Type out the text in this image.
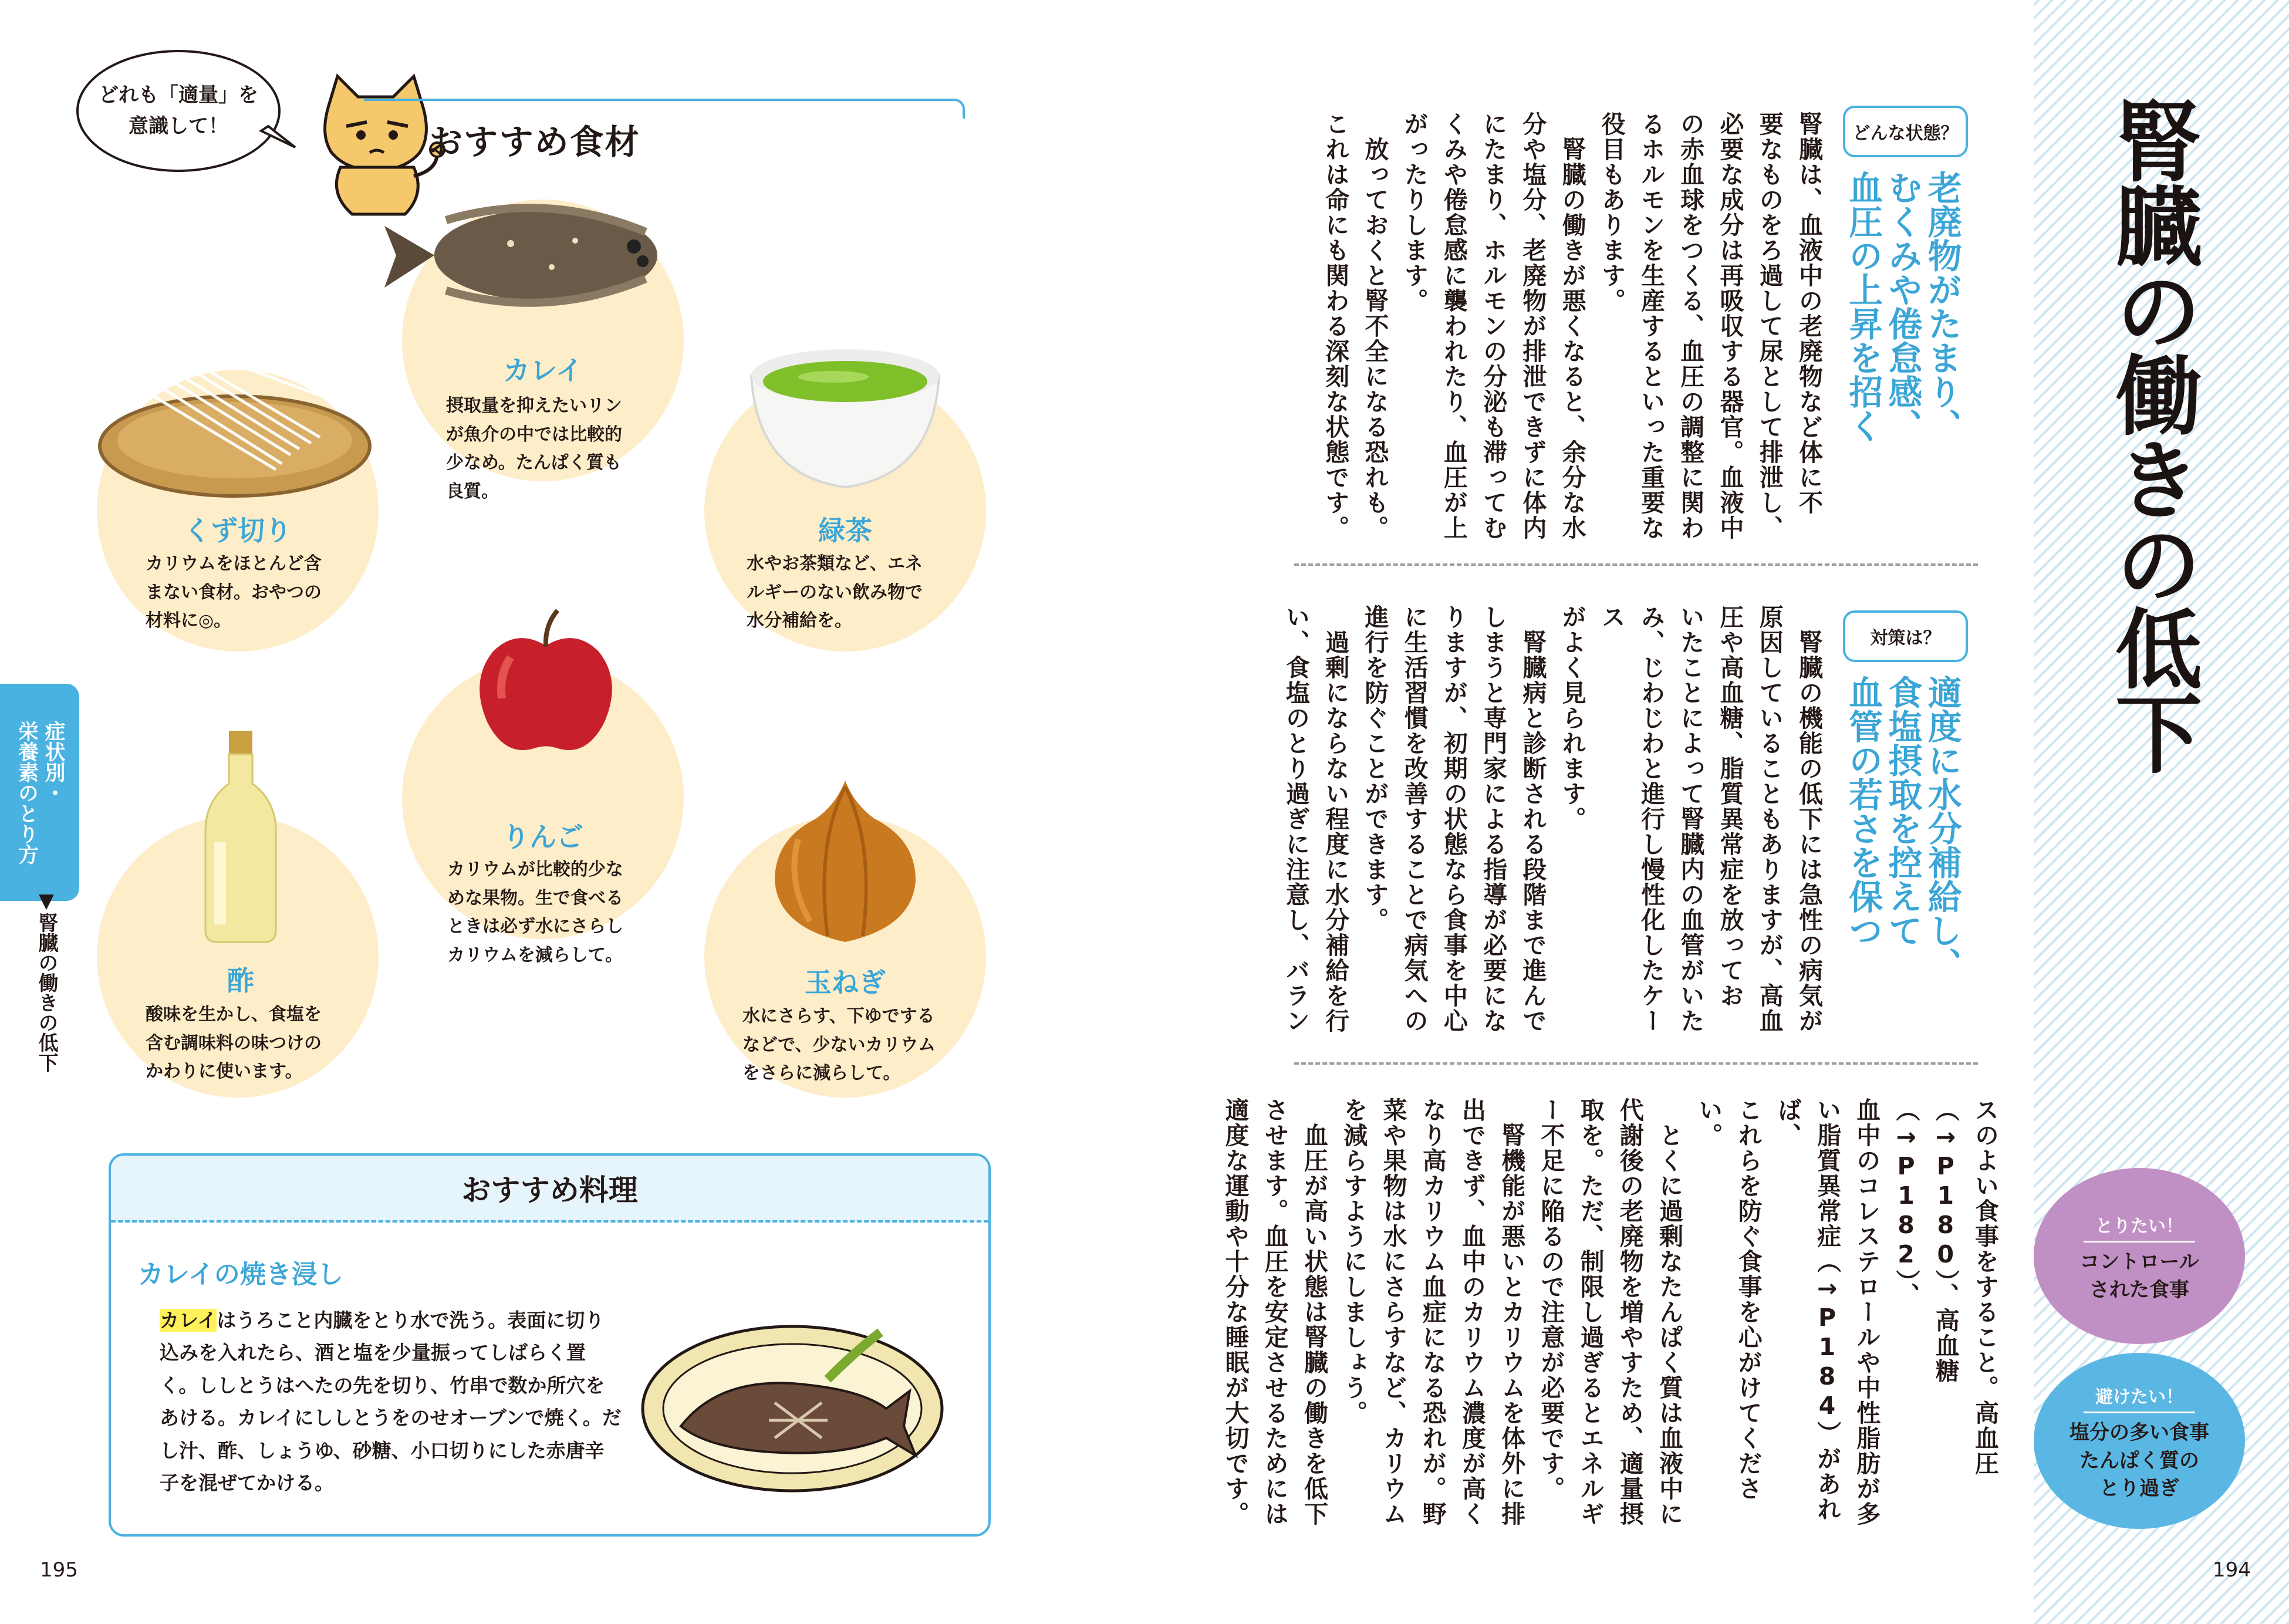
どれも「適量」を
意識して！	おすすめ食材
カレイ
摂取量を抑えたいリン
が魚介の中では比較的
少なめ。たんぱく質も
良質。
くず切り
カリウムをほとんど含
まない食材。おやつの
材料に◎。
緑茶
水やお茶類など、エネ
ルギーのない飲み物で
水分補給を。
りんご
カリウムが比較的少な
めな果物。生で食べる
ときは必ず水にさらし
カリウムを減らして。
酢
酸味を生かし、食塩を
含む調味料の味つけの
かわりに使います。
玉ねぎ
水にさらす、下ゆでする
などで、少ないカリウム
をさらに減らして。
症状別・
栄養素のとり方
▼腎臓の働きの低下
おすすめ料理
カレイの焼き浸し
カレイはうろこと内臓をとり水で洗う。表面に切り込みを入れたら、酒と塩を少量振ってしばらく置く。ししとうはへたの先を切り、竹串で数か所穴をあける。カレイにししとうをのせオーブンで焼く。だし汁、酢、しょうゆ、砂糖、小口切りにした赤唐辛子を混ぜてかける。
195
腎臓の働きの低下
どんな状態？
老廃物がたまり、
むくみや倦怠感、
血圧の上昇を招く
腎臓は、血液中の老廃物など体に不
要なものをろ過して尿として排泄し、
必要な成分は再吸収する器官。血液中
の赤血球をつくる、血圧の調整に関わ
るホルモンを生産するといった重要な
役目もあります。
　腎臓の働きが悪くなると、余分な水
分や塩分、老廃物が排泄できずに体内
にたまり、ホルモンの分泌も滞ってむ
くみや倦怠感に襲われたり、血圧が上
がったりします。
　放っておくと腎不全になる恐れも。
これは命にも関わる深刻な状態です。
対策は？
適度に水分補給し、
食塩摂取を控えて
血管の若さを保つ
　腎臓の機能の低下には急性の病気が
原因していることもありますが、高血
圧や高血糖、脂質異常症を放ってお
いたことによって腎臓内の血管がいた
み、じわじわと進行し慢性化したケース
がよく見られます。
　腎臓病と診断される段階まで進んで
しまうと専門家による指導が必要にな
りますが、初期の状態なら食事を中心
に生活習慣を改善することで病気への
進行を防ぐことができます。
　過剰にならない程度に水分補給を行
い、食塩のとり過ぎに注意し、バラン
スのよい食事をすること。高血圧
（→P180）、高血糖（→P182）、
血中のコレステロールや中性脂肪が多
い脂質異常症（→P184）があれば、
これらを防ぐ食事を心がけてください。
　とくに過剰なたんぱく質は血液中に
代謝後の老廃物を増やすため、適量摂
取を。ただ、制限し過ぎるとエネルギ
ー不足に陥るので注意が必要です。
　腎機能が悪いとカリウムを体外に排
出できず、血中のカリウム濃度が高く
なり高カリウム血症になる恐れが。野
菜や果物は水にさらすなど、カリウム
を減らすようにしましょう。
　血圧が高い状態は腎臓の働きを低下
させます。血圧を安定させるためには
適度な運動や十分な睡眠が大切です。	とりたい！
コントロール
された食事
避けたい！
塩分の多い食事
たんぱく質の
とり過ぎ
194
